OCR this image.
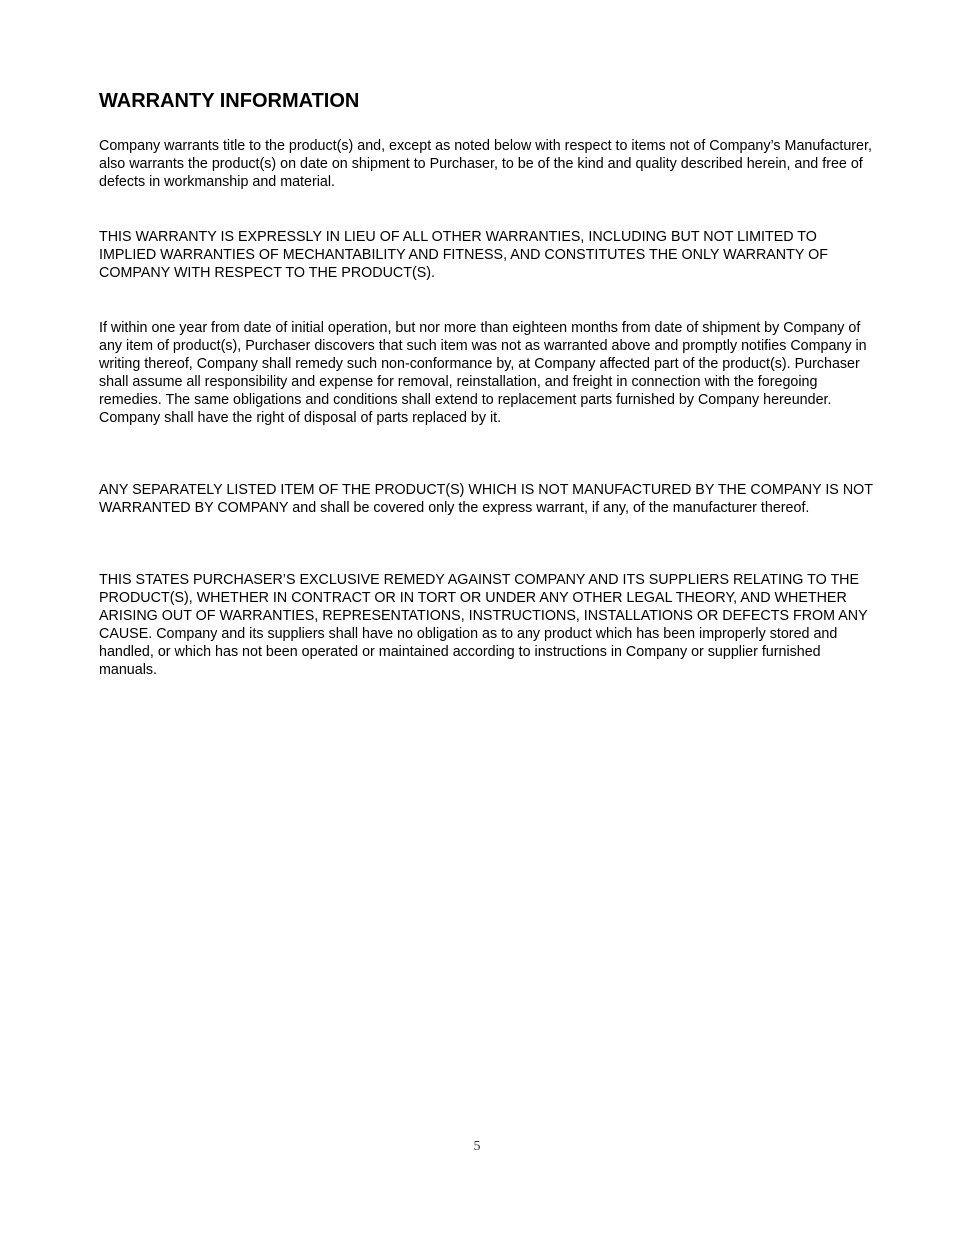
WARRANTY INFORMATION

Company warrants title to the product(s) and, except as noted below with respect to items not of Company’s Manufacturer, also warrants the product(s) on date on shipment to Purchaser, to be of the kind and quality described herein, and free of defects in workmanship and material.

THIS WARRANTY IS EXPRESSLY IN LIEU OF ALL OTHER WARRANTIES, INCLUDING BUT NOT LIMITED TO IMPLIED WARRANTIES OF MECHANTABILITY AND FITNESS, AND CONSTITUTES THE ONLY WARRANTY OF COMPANY WITH RESPECT TO THE PRODUCT(S).

If within one year from date of initial operation, but nor more than eighteen months from date of shipment by Company of any item of product(s), Purchaser discovers that such item was not as warranted above and promptly notifies Company in writing thereof, Company shall remedy such non-conformance by, at Company affected part of the product(s). Purchaser shall assume all responsibility and expense for removal, reinstallation, and freight in connection with the foregoing remedies. The same obligations and conditions shall extend to replacement parts furnished by Company hereunder. Company shall have the right of disposal of parts replaced by it.

ANY SEPARATELY LISTED ITEM OF THE PRODUCT(S) WHICH IS NOT MANUFACTURED BY THE COMPANY IS NOT WARRANTED BY COMPANY and shall be covered only the express warrant, if any, of the manufacturer thereof.

THIS STATES PURCHASER’S EXCLUSIVE REMEDY AGAINST COMPANY AND ITS SUPPLIERS RELATING TO THE PRODUCT(S), WHETHER IN CONTRACT OR IN TORT OR UNDER ANY OTHER LEGAL THEORY, AND WHETHER ARISING OUT OF WARRANTIES, REPRESENTATIONS, INSTRUCTIONS, INSTALLATIONS OR DEFECTS FROM ANY CAUSE. Company and its suppliers shall have no obligation as to any product which has been improperly stored and handled, or which has not been operated or maintained according to instructions in Company or supplier furnished manuals.

5
